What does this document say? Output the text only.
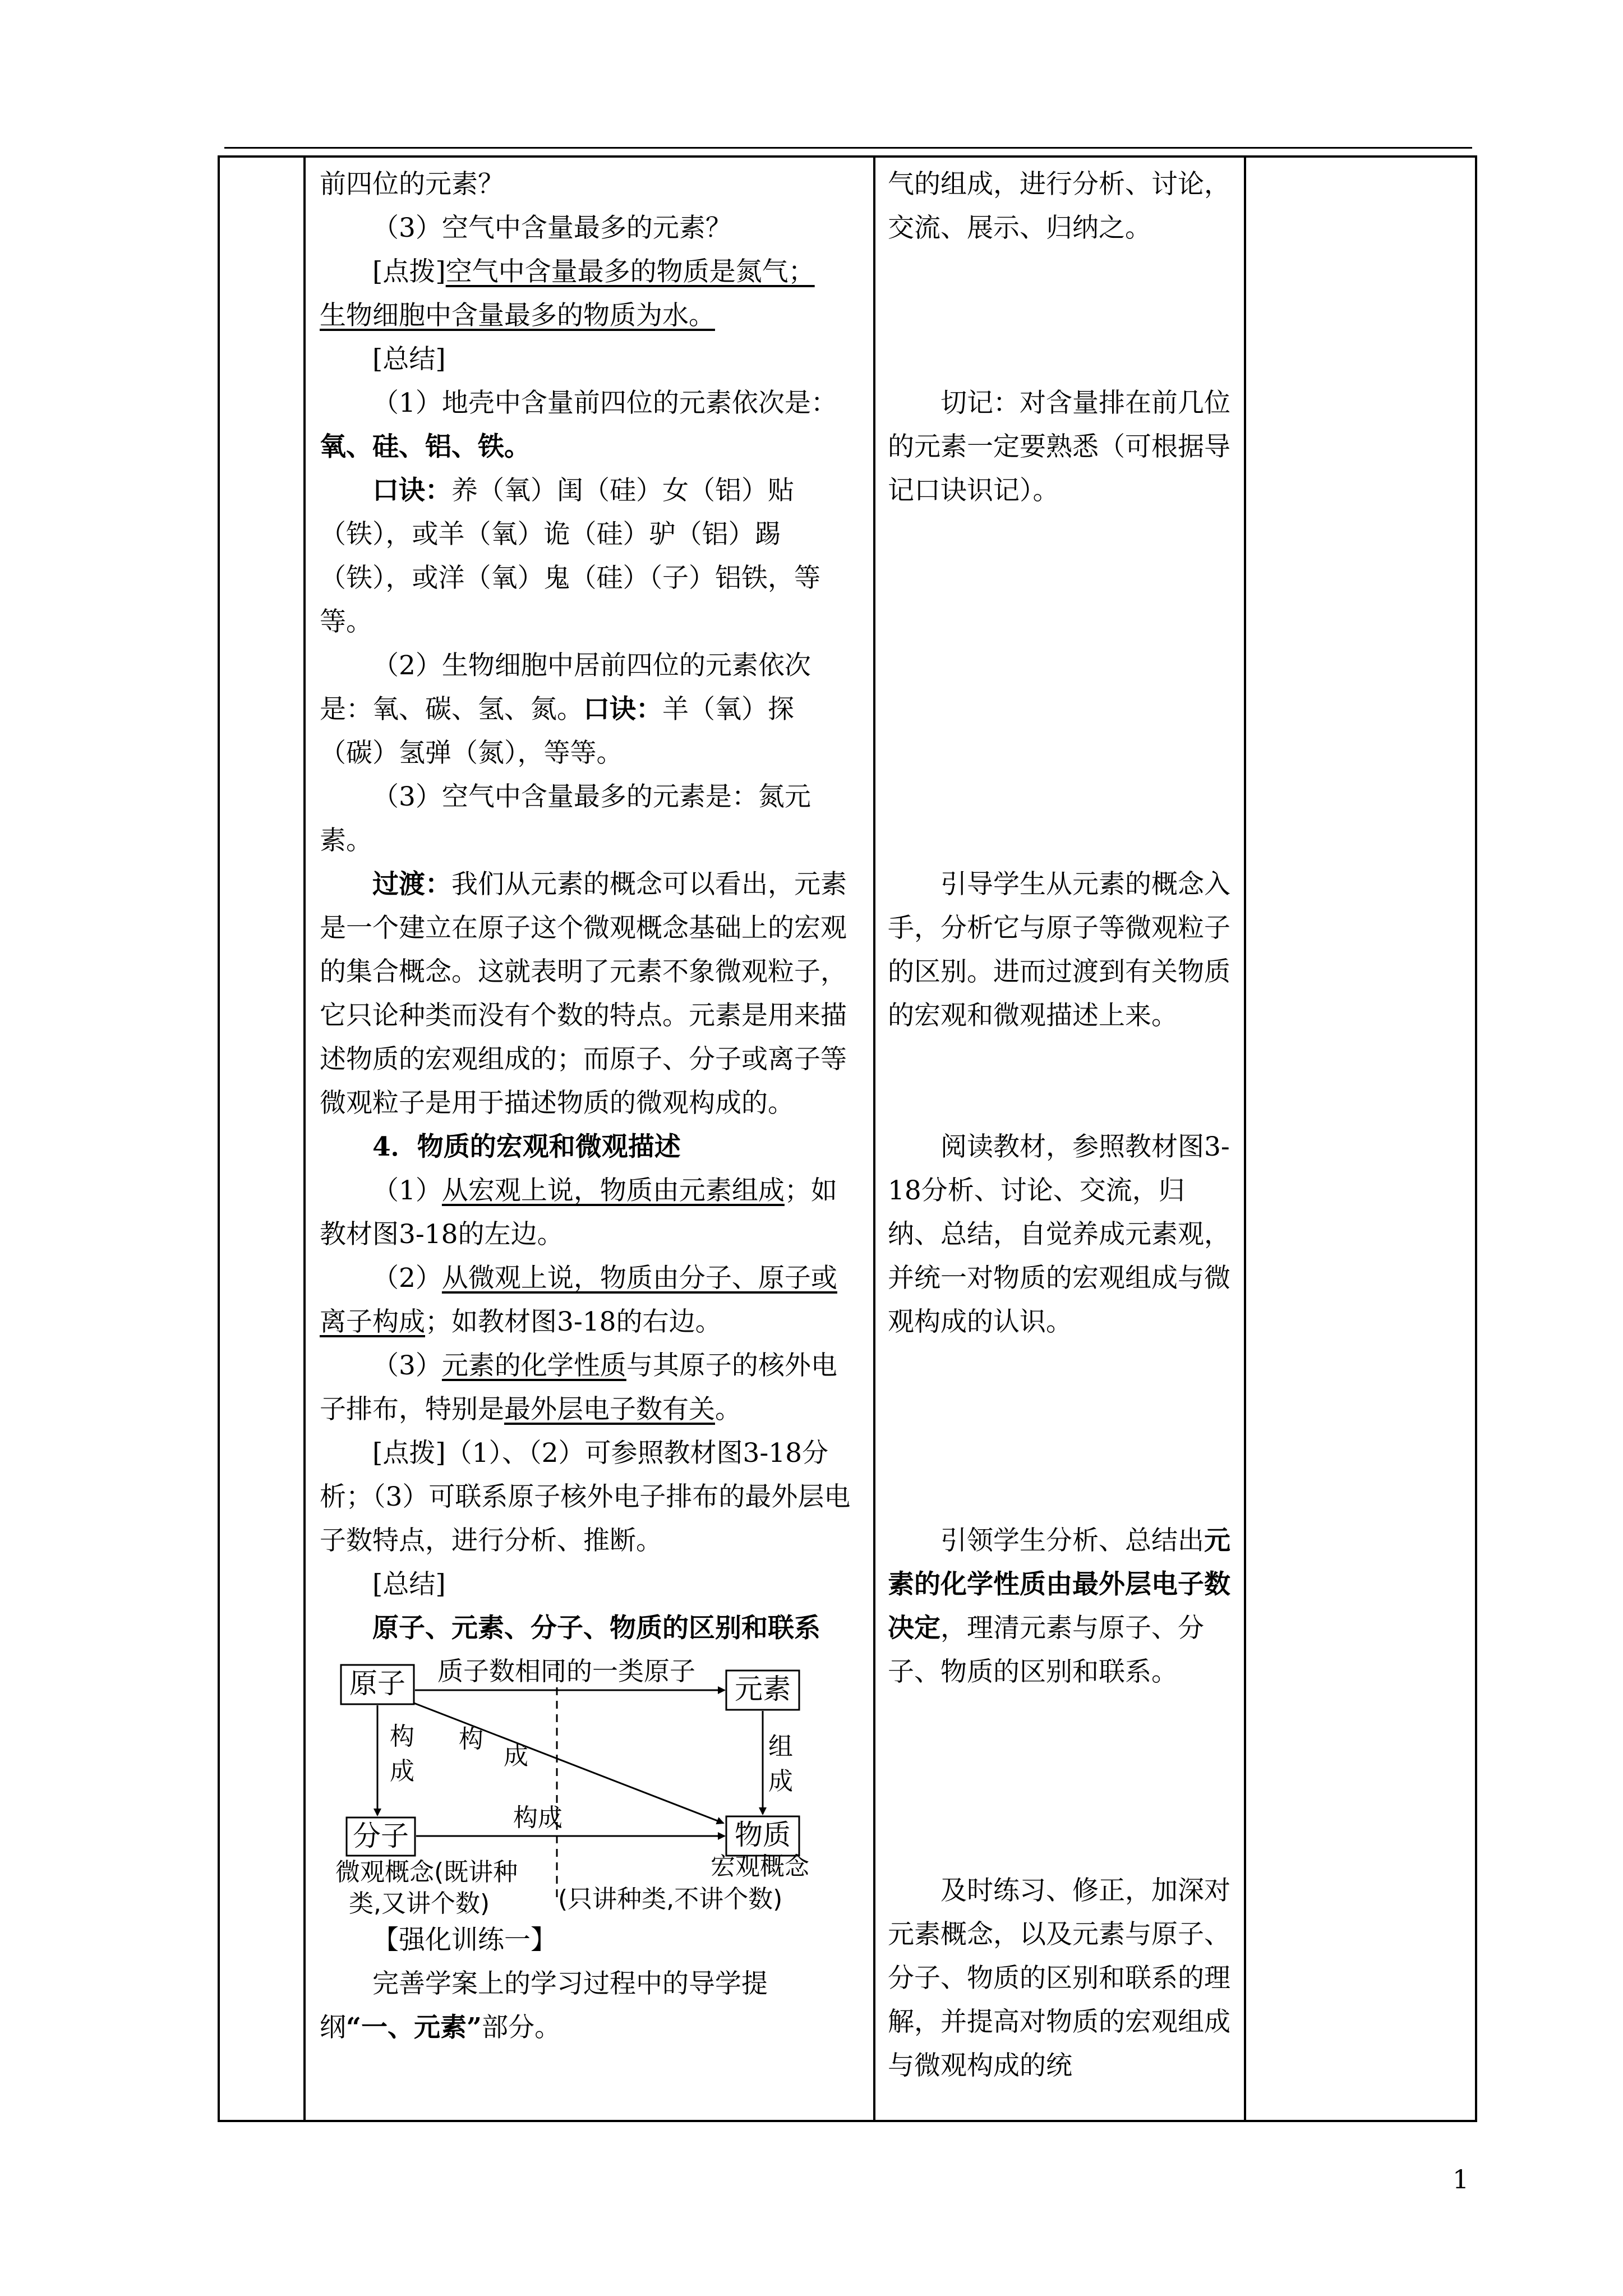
前四位的元素？

（3）空气中含量最多的元素？

[点拨]空气中含量最多的物质是氮气；

生物细胞中含量最多的物质为水。

[总结]

（1）地壳中含量前四位的元素依次是：氧、硅、铝、铁。

口诀：养（氧）闺（硅）女（铝）贴（铁），或羊（氧）诡（硅）驴（铝）踢（铁），或洋（氧）鬼（硅）（子）铝铁，等等。

（2）生物细胞中居前四位的元素依次是：氧、碳、氢、氮。口诀：羊（氧）探（碳）氢弹（氮），等等。

（3）空气中含量最多的元素是：氮元素。

过渡：我们从元素的概念可以看出，元素是一个建立在原子这个微观概念基础上的宏观的集合概念。这就表明了元素不象微观粒子，它只论种类而没有个数的特点。元素是用来描述物质的宏观组成的；而原子、分子或离子等微观粒子是用于描述物质的微观构成的。

4．物质的宏观和微观描述

（1）从宏观上说，物质由元素组成；如教材图3-18的左边。

（2）从微观上说，物质由分子、原子或离子构成；如教材图3-18的右边。

（3）元素的化学性质与其原子的核外电子排布，特别是最外层电子数有关。

[点拨]（1）、（2）可参照教材图3-18分析；（3）可联系原子核外电子排布的最外层电子数特点，进行分析、推断。

[总结]

原子、元素、分子、物质的区别和联系

原子	元素
分子	物质
质子数相同的一类原子
构
成
构
成	组
成
构成
微观概念(既讲种
类,又讲个数)
宏观概念
(只讲种类,不讲个数)

【强化训练一】

完善学案上的学习过程中的导学提纲“一、元素”部分。

气的组成，进行分析、讨论，交流、展示、归纳之。

切记：对含量排在前几位的元素一定要熟悉（可根据导记口诀识记）。

引导学生从元素的概念入手，分析它与原子等微观粒子的区别。进而过渡到有关物质的宏观和微观描述上来。

阅读教材，参照教材图3-18分析、讨论、交流，归纳、总结，自觉养成元素观，并统一对物质的宏观组成与微观构成的认识。

引领学生分析、总结出元素的化学性质由最外层电子数决定，理清元素与原子、分子、物质的区别和联系。

及时练习、修正，加深对元素概念，以及元素与原子、分子、物质的区别和联系的理解，并提高对物质的宏观组成与微观构成的统

1
